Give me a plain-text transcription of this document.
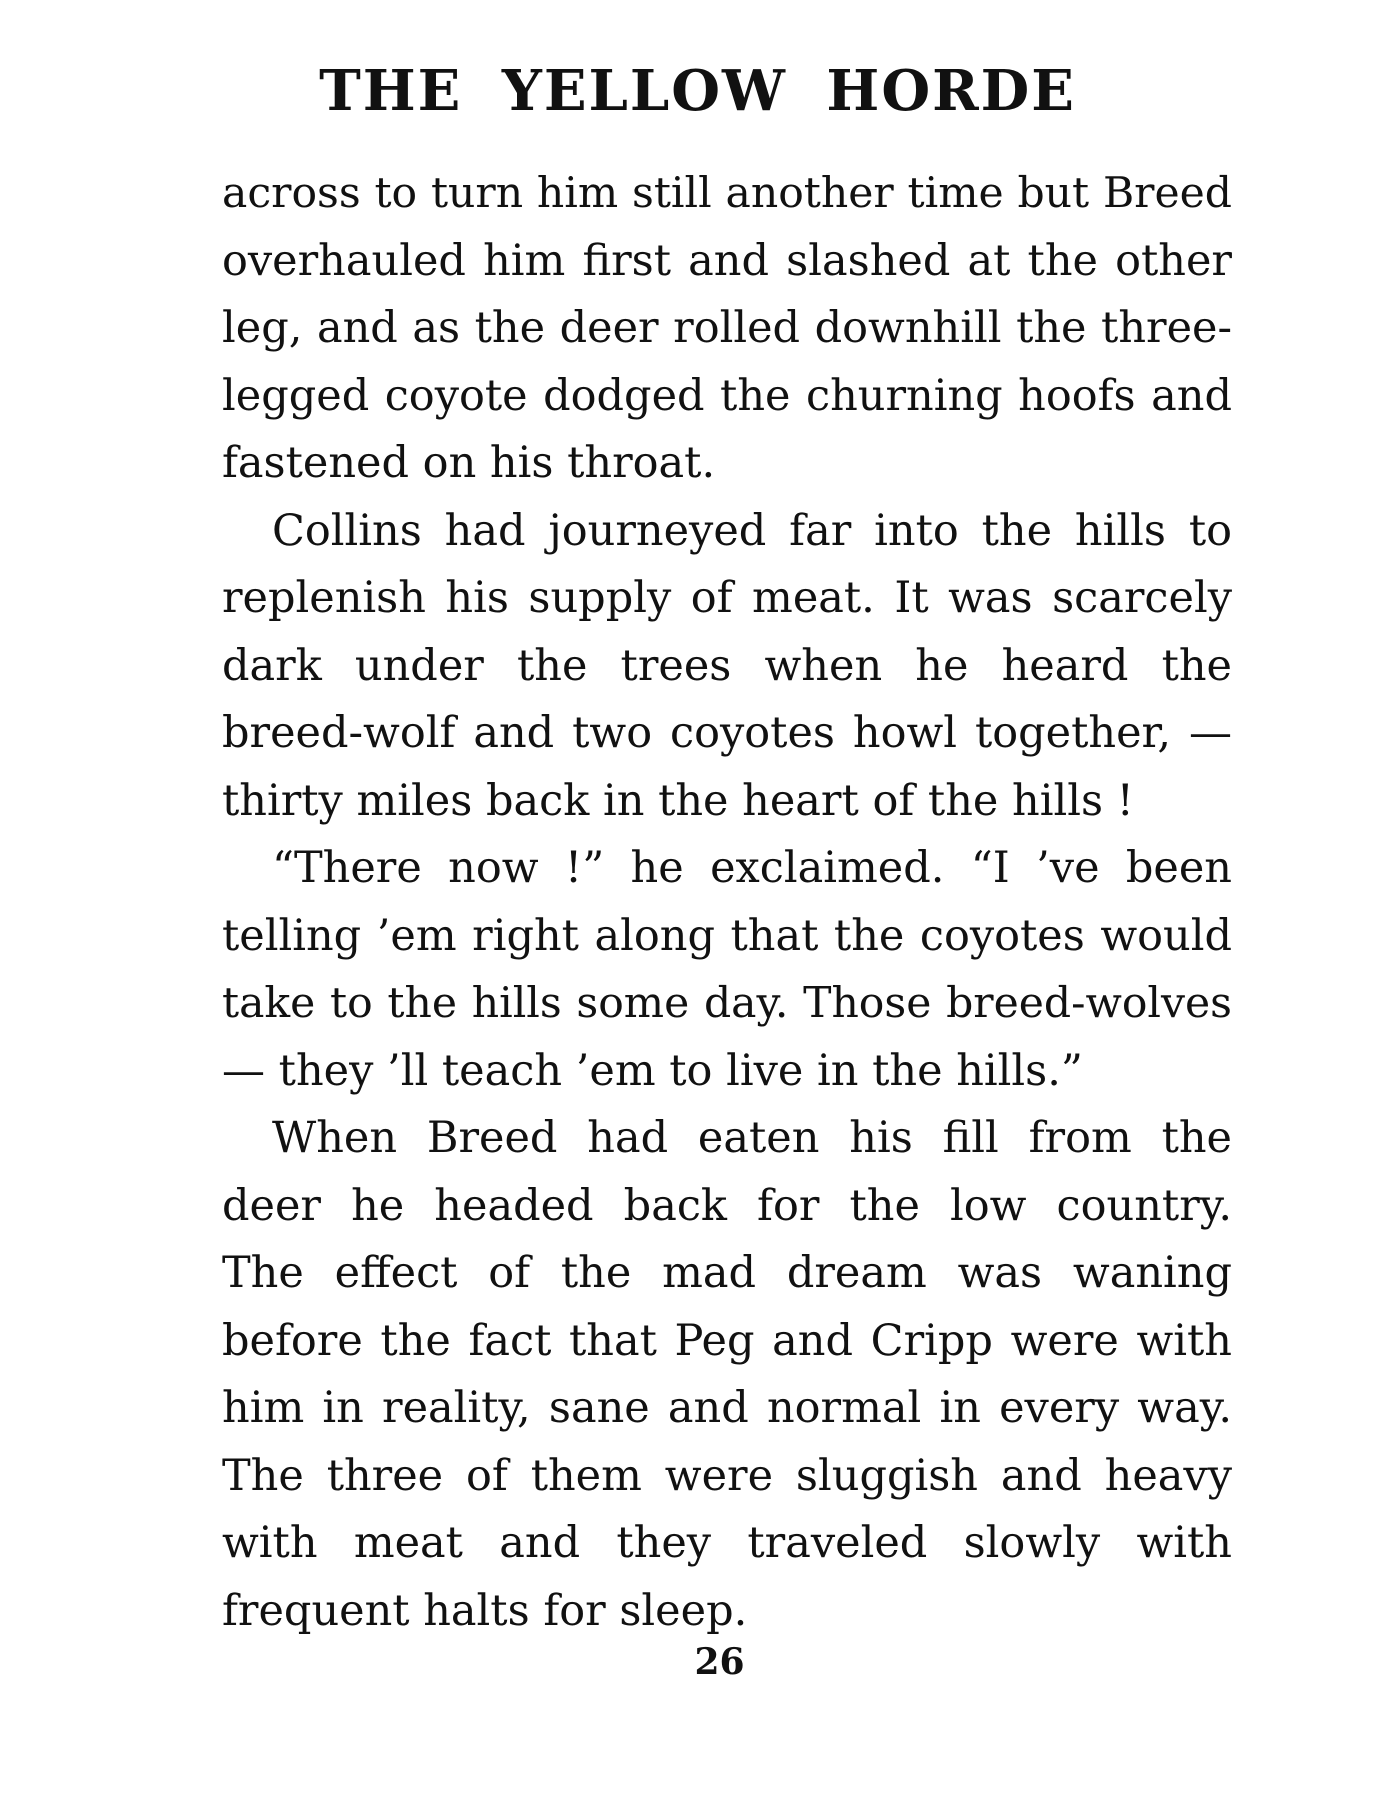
THE YELLOW HORDE
across to turn him still another time but Breed
overhauled him first and slashed at the other
leg, and as the deer rolled downhill the three-
legged coyote dodged the churning hoofs and
fastened on his throat.
Collins had journeyed far into the hills to
replenish his supply of meat. It was scarcely
dark under the trees when he heard the
breed-wolf and two coyotes howl together, —
thirty miles back in the heart of the hills !
“There now !” he exclaimed. “I ’ve been
telling ’em right along that the coyotes would
take to the hills some day. Those breed-wolves
— they ’ll teach ’em to live in the hills.”
When Breed had eaten his fill from the
deer he headed back for the low country.
The effect of the mad dream was waning
before the fact that Peg and Cripp were with
him in reality, sane and normal in every way.
The three of them were sluggish and heavy
with meat and they traveled slowly with
frequent halts for sleep.
26
